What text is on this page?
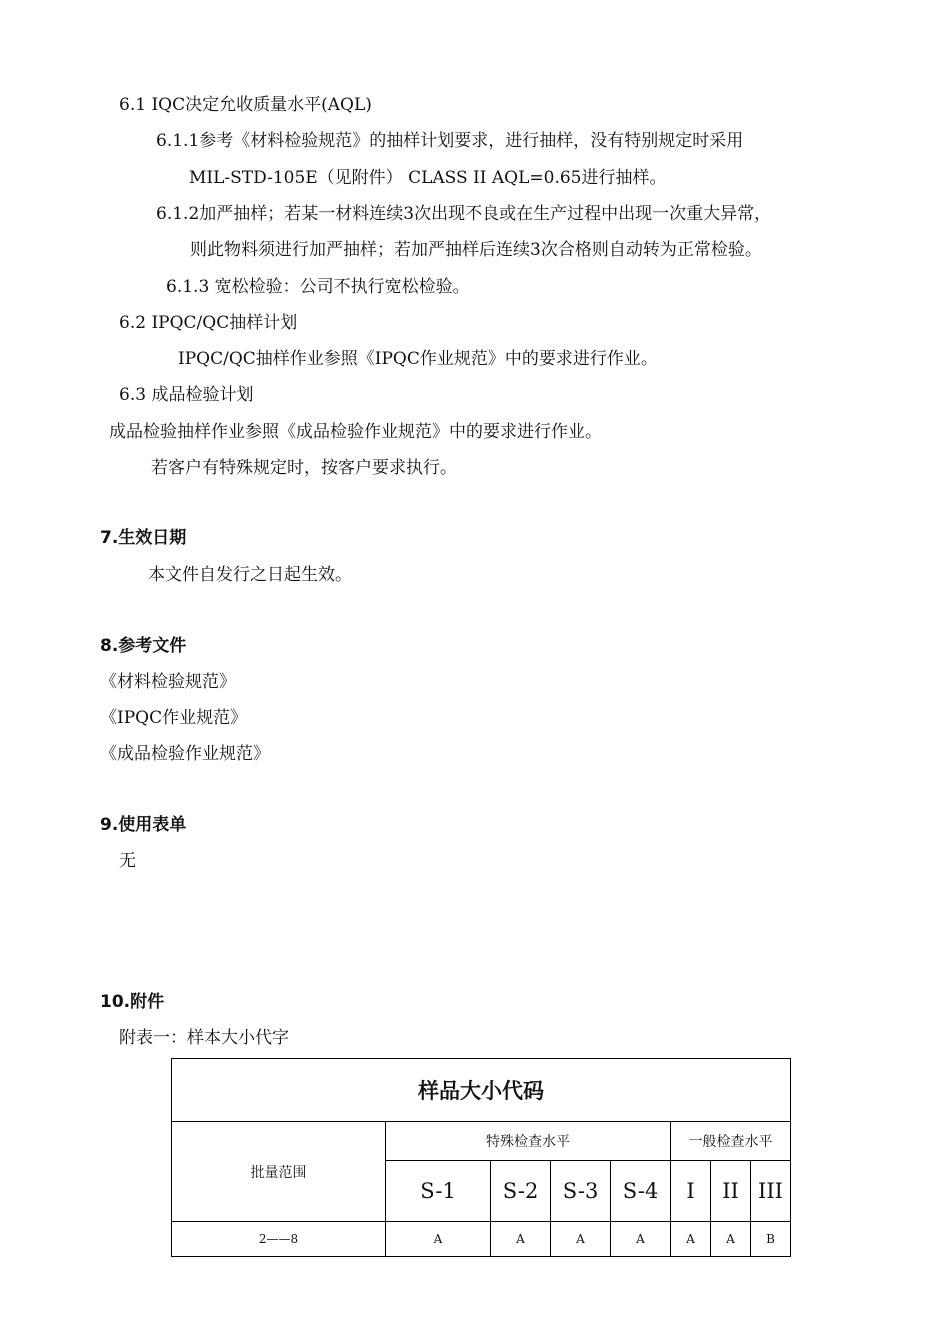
6.1 IQC决定允收质量水平(AQL)
6.1.1参考《材料检验规范》的抽样计划要求，进行抽样，没有特别规定时采用
MIL-STD-105E（见附件） CLASS II AQL=0.65进行抽样。
6.1.2加严抽样；若某一材料连续3次出现不良或在生产过程中出现一次重大异常，
则此物料须进行加严抽样；若加严抽样后连续3次合格则自动转为正常检验。
6.1.3 宽松检验：公司不执行宽松检验。
6.2 IPQC/QC抽样计划
IPQC/QC抽样作业参照《IPQC作业规范》中的要求进行作业。
6.3 成品检验计划
成品检验抽样作业参照《成品检验作业规范》中的要求进行作业。
若客户有特殊规定时，按客户要求执行。
7.生效日期
本文件自发行之日起生效。
8.参考文件
《材料检验规范》
《IPQC作业规范》
《成品检验作业规范》
9.使用表单
无
10.附件
附表一：样本大小代字
样品大小代码							
批量范围	特殊检查水平				一般检查水平		
	S-1	S-2	S-3	S-4	I	II	III
2——8	A	A	A	A	A	A	B
